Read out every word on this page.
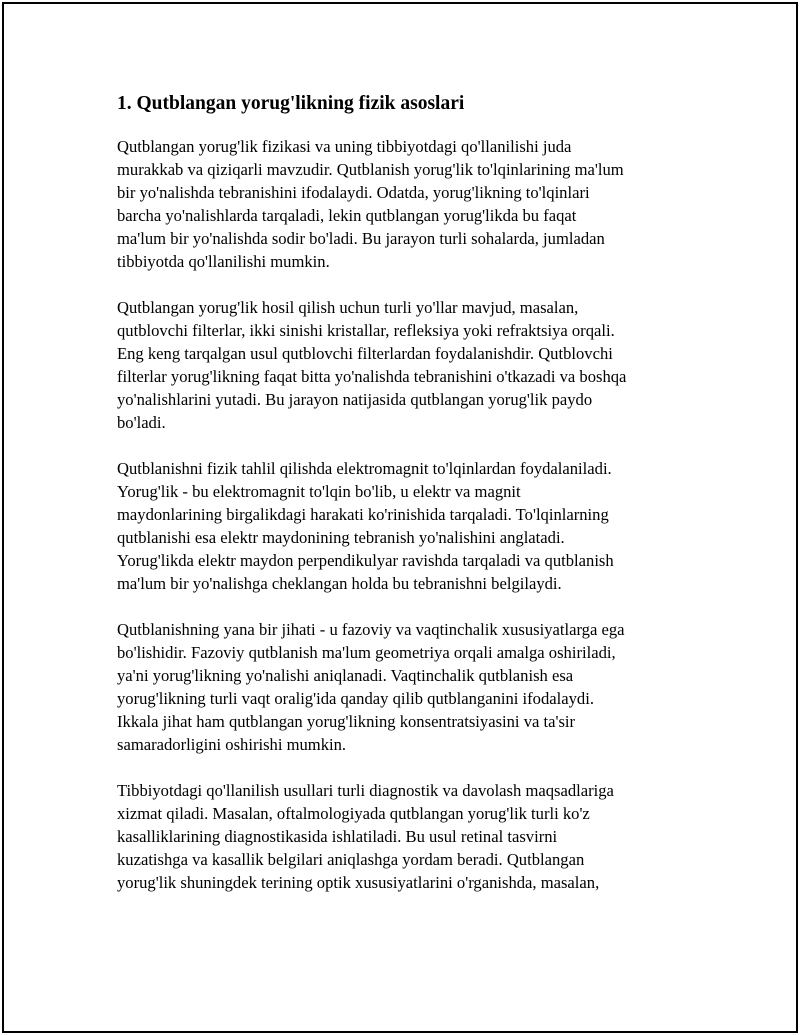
1. Qutblangan yorug'likning fizik asoslari

Qutblangan yorug'lik fizikasi va uning tibbiyotdagi qo'llanilishi juda
murakkab va qiziqarli mavzudir. Qutblanish yorug'lik to'lqinlarining ma'lum
bir yo'nalishda tebranishini ifodalaydi. Odatda, yorug'likning to'lqinlari
barcha yo'nalishlarda tarqaladi, lekin qutblangan yorug'likda bu faqat
ma'lum bir yo'nalishda sodir bo'ladi. Bu jarayon turli sohalarda, jumladan
tibbiyotda qo'llanilishi mumkin.

Qutblangan yorug'lik hosil qilish uchun turli yo'llar mavjud, masalan,
qutblovchi filterlar, ikki sinishi kristallar, refleksiya yoki refraktsiya orqali.
Eng keng tarqalgan usul qutblovchi filterlardan foydalanishdir. Qutblovchi
filterlar yorug'likning faqat bitta yo'nalishda tebranishini o'tkazadi va boshqa
yo'nalishlarini yutadi. Bu jarayon natijasida qutblangan yorug'lik paydo
bo'ladi.

Qutblanishni fizik tahlil qilishda elektromagnit to'lqinlardan foydalaniladi.
Yorug'lik - bu elektromagnit to'lqin bo'lib, u elektr va magnit
maydonlarining birgalikdagi harakati ko'rinishida tarqaladi. To'lqinlarning
qutblanishi esa elektr maydonining tebranish yo'nalishini anglatadi.
Yorug'likda elektr maydon perpendikulyar ravishda tarqaladi va qutblanish
ma'lum bir yo'nalishga cheklangan holda bu tebranishni belgilaydi.

Qutblanishning yana bir jihati - u fazoviy va vaqtinchalik xususiyatlarga ega
bo'lishidir. Fazoviy qutblanish ma'lum geometriya orqali amalga oshiriladi,
ya'ni yorug'likning yo'nalishi aniqlanadi. Vaqtinchalik qutblanish esa
yorug'likning turli vaqt oralig'ida qanday qilib qutblanganini ifodalaydi.
Ikkala jihat ham qutblangan yorug'likning konsentratsiyasini va ta'sir
samaradorligini oshirishi mumkin.

Tibbiyotdagi qo'llanilish usullari turli diagnostik va davolash maqsadlariga
xizmat qiladi. Masalan, oftalmologiyada qutblangan yorug'lik turli ko'z
kasalliklarining diagnostikasida ishlatiladi. Bu usul retinal tasvirni
kuzatishga va kasallik belgilari aniqlashga yordam beradi. Qutblangan
yorug'lik shuningdek terining optik xususiyatlarini o'rganishda, masalan,
